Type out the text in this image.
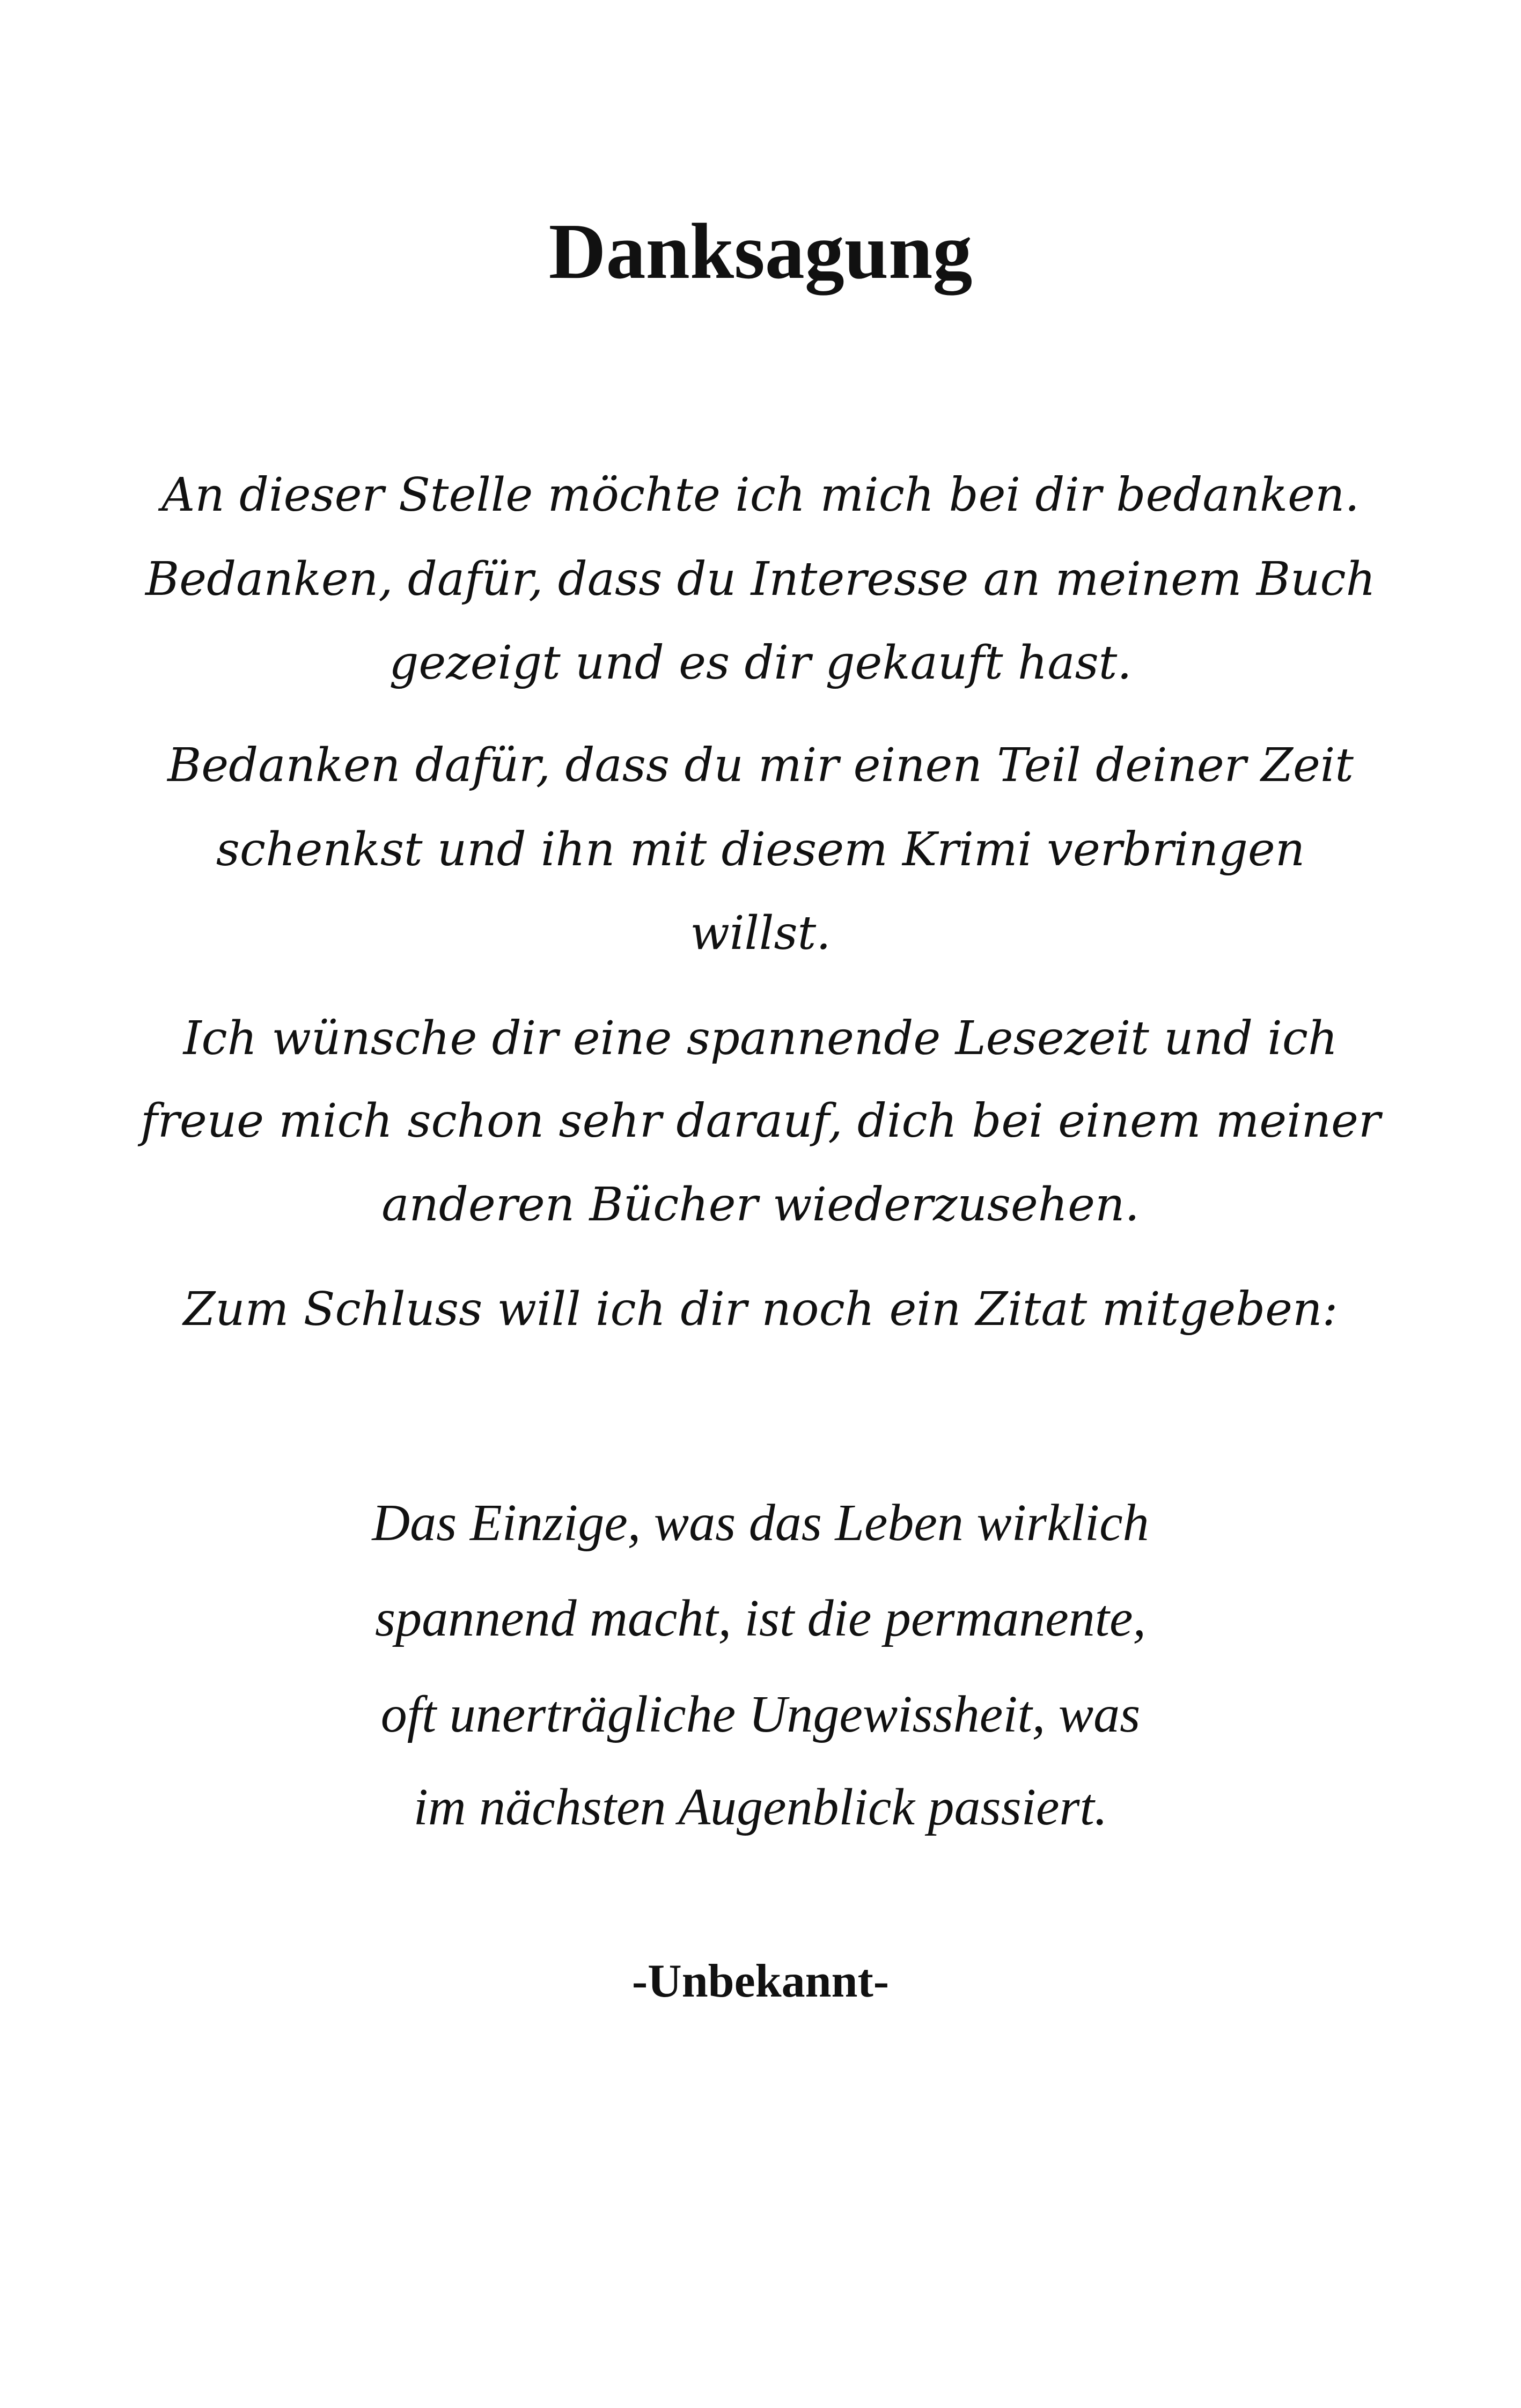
Danksagung
An dieser Stelle möchte ich mich bei dir bedanken.
Bedanken, dafür, dass du Interesse an meinem Buch
gezeigt und es dir gekauft hast.
Bedanken dafür, dass du mir einen Teil deiner Zeit
schenkst und ihn mit diesem Krimi verbringen
willst.
Ich wünsche dir eine spannende Lesezeit und ich
freue mich schon sehr darauf, dich bei einem meiner
anderen Bücher wiederzusehen.
Zum Schluss will ich dir noch ein Zitat mitgeben:
Das Einzige, was das Leben wirklich
spannend macht, ist die permanente,
oft unerträgliche Ungewissheit, was
im nächsten Augenblick passiert.
-Unbekannt-
